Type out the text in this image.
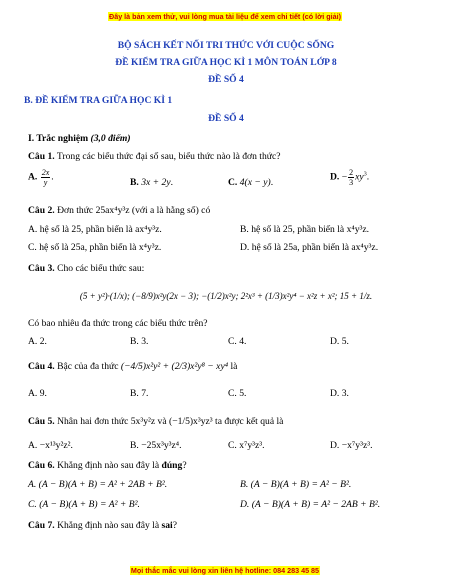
Đây là bản xem thử, vui lòng mua tài liệu để xem chi tiết (có lời giải)
BỘ SÁCH KẾT NỐI TRI THỨC VỚI CUỘC SỐNG
ĐỀ KIỂM TRA GIỮA HỌC KÌ 1 MÔN TOÁN LỚP 8
ĐỀ SỐ 4
B. ĐỀ KIỂM TRA GIỮA HỌC KÌ 1
ĐỀ SỐ 4
I. Trắc nghiệm (3,0 điểm)
Câu 1. Trong các biểu thức đại số sau, biểu thức nào là đơn thức?
A. $\frac{2x}{y}$ .	B. 3x + 2y.	C. 4(x − y).	D. − $\frac{2}{3} xy^3$.
Câu 2. Đơn thức 25ax⁴y³z (với a là hằng số) có
A. hệ số là 25, phần biến là ax⁴y³z.	B. hệ số là 25, phần biến là x⁴y³z.
C. hệ số là 25a, phần biến là x⁴y³z.	D. hệ số là 25a, phần biến là ax⁴y³z.
Câu 3. Cho các biểu thức sau:
(5 + y²)·(1/x); (−8/9)x²y(2x − 3); −(1/2)x²y; 2²x³ + (1/3)x²y⁴ − x²z + x²; 15 + 1/z.
Có bao nhiêu đa thức trong các biểu thức trên?
A. 2.	B. 3.	C. 4.	D. 5.
Câu 4. Bậc của đa thức (−4/5)x²y² + (2/3)x²y⁸ − xy⁴ là
A. 9.	B. 7.	C. 5.	D. 3.
Câu 5. Nhân hai đơn thức 5x³y²z và (−1/5)x³yz³ ta được kết quả là
A. −x¹³y²z².	B. −25x³y³z⁴.	C. x⁷y³z³.	D. −x⁷y³z³.
Câu 6. Khẳng định nào sau đây là đúng?
A. (A − B)(A + B) = A² + 2AB + B².	B. (A − B)(A + B) = A² − B².
C. (A − B)(A + B) = A² + B².	D. (A − B)(A + B) = A² − 2AB + B².
Câu 7. Khẳng định nào sau đây là sai?
Mọi thắc mắc vui lòng xin liên hệ hotline: 084 283 45 85
